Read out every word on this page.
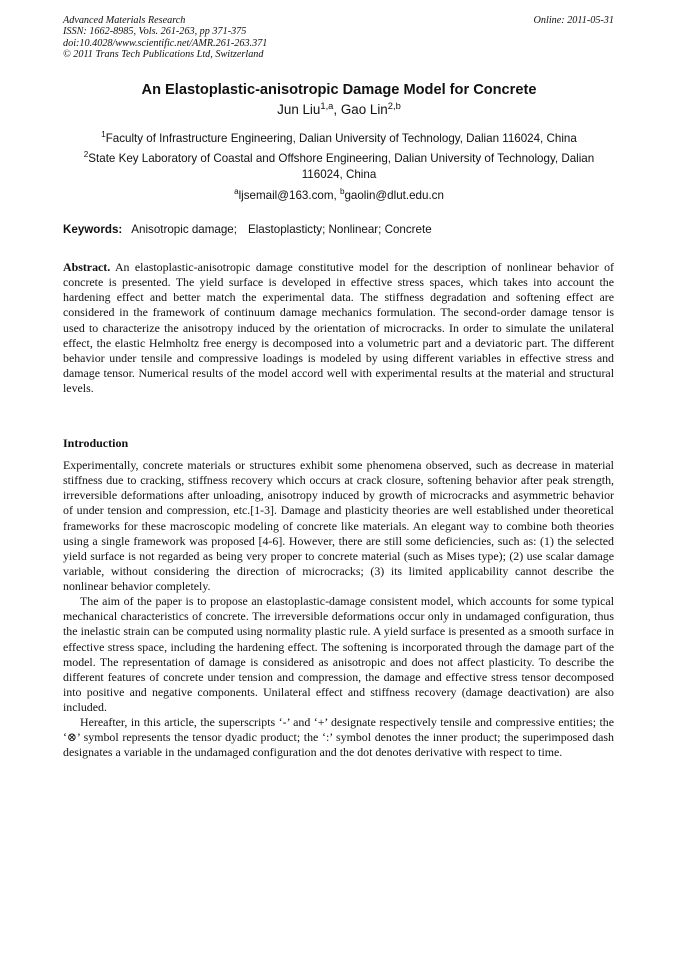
Advanced Materials Research
ISSN: 1662-8985, Vols. 261-263, pp 371-375
doi:10.4028/www.scientific.net/AMR.261-263.371
© 2011 Trans Tech Publications Ltd, Switzerland
Online: 2011-05-31
An Elastoplastic-anisotropic Damage Model for Concrete
Jun Liu$^{1,a}$, Gao Lin$^{2,b}$
$^1$Faculty of Infrastructure Engineering, Dalian University of Technology, Dalian 116024, China
$^2$State Key Laboratory of Coastal and Offshore Engineering, Dalian University of Technology, Dalian 116024, China
$^a$ljsemail@163.com, $^b$gaolin@dlut.edu.cn
Keywords: Anisotropic damage; Elastoplasticty; Nonlinear; Concrete

Abstract. An elastoplastic-anisotropic damage constitutive model for the description of nonlinear behavior of concrete is presented. The yield surface is developed in effective stress spaces, which takes into account the hardening effect and better match the experimental data. The stiffness degradation and softening effect are considered in the framework of continuum damage mechanics formulation. The second-order damage tensor is used to characterize the anisotropy induced by the orientation of microcracks. In order to simulate the unilateral effect, the elastic Helmholtz free energy is decomposed into a volumetric part and a deviatoric part. The different behavior under tensile and compressive loadings is modeled by using different variables in effective stress and damage tensor. Numerical results of the model accord well with experimental results at the material and structural levels.

Introduction

Experimentally, concrete materials or structures exhibit some phenomena observed, such as decrease in material stiffness due to cracking, stiffness recovery which occurs at crack closure, softening behavior after peak strength, irreversible deformations after unloading, anisotropy induced by growth of microcracks and asymmetric behavior of under tension and compression, etc.[1-3]. Damage and plasticity theories are well established under theoretical frameworks for these macroscopic modeling of concrete like materials. An elegant way to combine both theories using a single framework was proposed [4-6]. However, there are still some deficiencies, such as: (1) the selected yield surface is not regarded as being very proper to concrete material (such as Mises type); (2) use scalar damage variable, without considering the direction of microcracks; (3) its limited applicability cannot describe the nonlinear behavior completely.

The aim of the paper is to propose an elastoplastic-damage consistent model, which accounts for some typical mechanical characteristics of concrete. The irreversible deformations occur only in undamaged configuration, thus the inelastic strain can be computed using normality plastic rule. A yield surface is presented as a smooth surface in effective stress space, including the hardening effect. The softening is incorporated through the damage part of the model. The representation of damage is considered as anisotropic and does not affect plasticity. To describe the different features of concrete under tension and compression, the damage and effective stress tensor decomposed into positive and negative components. Unilateral effect and stiffness recovery (damage deactivation) are also included.

Hereafter, in this article, the superscripts ‘-’ and ‘+’ designate respectively tensile and compressive entities; the ‘⊗’ symbol represents the tensor dyadic product; the ‘:’ symbol denotes the inner product; the superimposed dash designates a variable in the undamaged configuration and the dot denotes derivative with respect to time.
